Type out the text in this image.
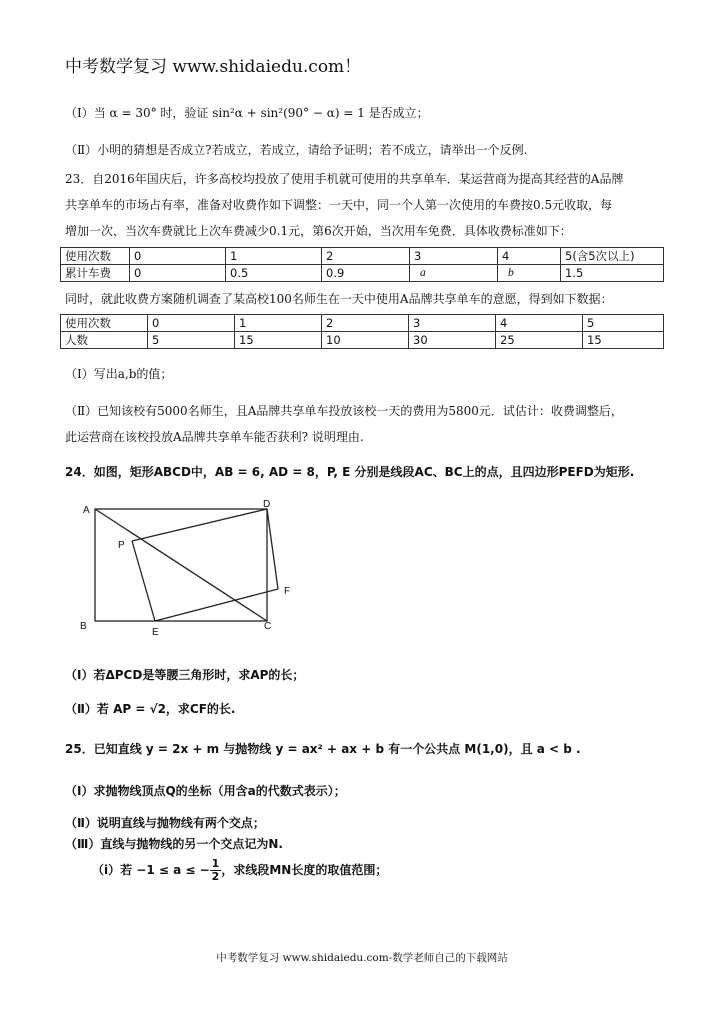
中考数学复习 www.shidaiedu.com！
（Ⅰ）当 α = 30° 时，验证 sin²α + sin²(90° − α) = 1 是否成立；
（Ⅱ）小明的猜想是否成立?若成立，若成立，请给予证明；若不成立，请举出一个反例.
23．自2016年国庆后，许多高校均投放了使用手机就可使用的共享单车．某运营商为提高其经营的A品牌
共享单车的市场占有率，准备对收费作如下调整：一天中，同一个人第一次使用的车费按0.5元收取，每
增加一次，当次车费就比上次车费减少0.1元，第6次开始，当次用车免费．具体收费标准如下：
使用次数	0	1	2	3	4	5(含5次以上)
累计车费	0	0.5	0.9	a	b	1.5
同时，就此收费方案随机调查了某高校100名师生在一天中使用A品牌共享单车的意愿，得到如下数据：
使用次数	0	1	2	3	4	5
人数	5	15	10	30	25	15
（Ⅰ）写出a,b的值；
（Ⅱ）已知该校有5000名师生，且A品牌共享单车投放该校一天的费用为5800元．试估计：收费调整后，
此运营商在该校投放A品牌共享单车能否获利? 说明理由.
24．如图，矩形ABCD中，AB = 6, AD = 8，P, E 分别是线段AC、BC上的点，且四边形PEFD为矩形.
A
D
P
F
B
E
C
（Ⅰ）若ΔPCD是等腰三角形时，求AP的长；
（Ⅱ）若 AP = √2，求CF的长.
25．已知直线 y = 2x + m 与抛物线 y = ax² + ax + b 有一个公共点 M(1,0)，且 a < b .
（Ⅰ）求抛物线顶点Q的坐标（用含a的代数式表示）；
（Ⅱ）说明直线与抛物线有两个交点；
（Ⅲ）直线与抛物线的另一个交点记为N.
（ⅰ）若 −1 ≤ a ≤ − $\frac{1}{2}$ ，求线段MN长度的取值范围；
中考数学复习 www.shidaiedu.com-数学老师自己的下载网站
